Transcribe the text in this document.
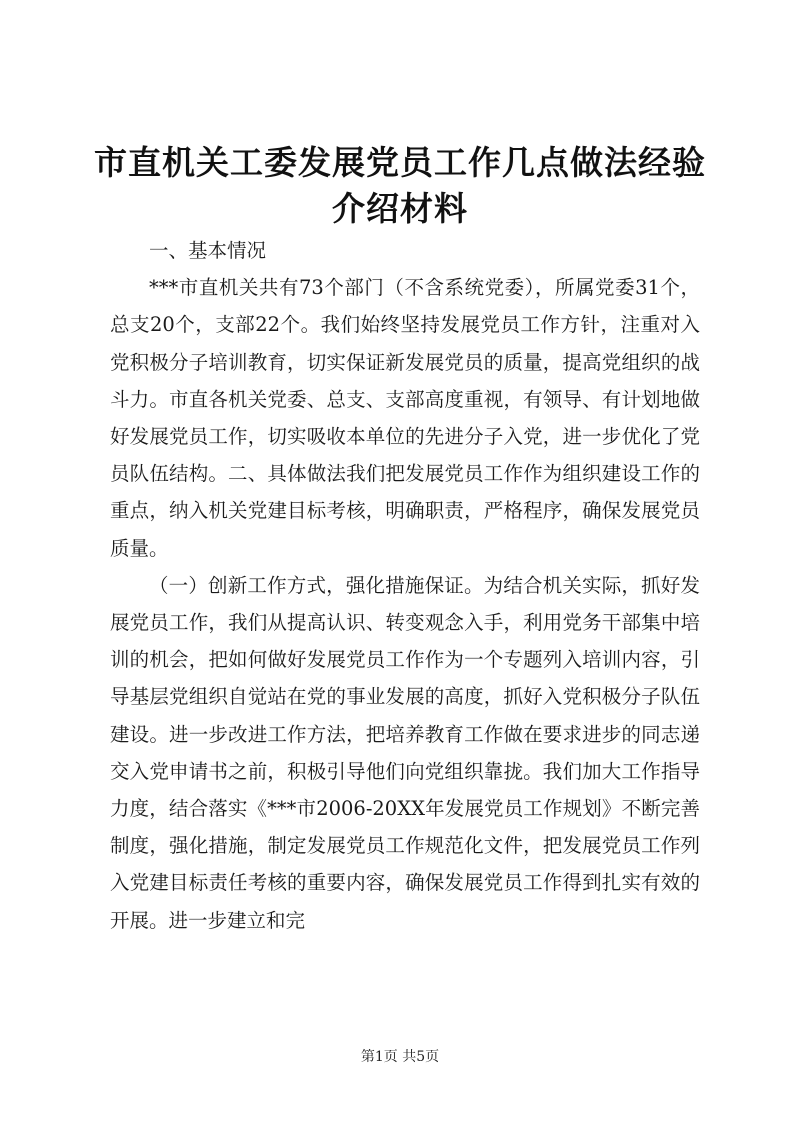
市直机关工委发展党员工作几点做法经验介绍材料

一、基本情况

***市直机关共有73个部门（不含系统党委），所属党委31个，总支20个，支部22个。我们始终坚持发展党员工作方针，注重对入党积极分子培训教育，切实保证新发展党员的质量，提高党组织的战斗力。市直各机关党委、总支、支部高度重视，有领导、有计划地做好发展党员工作，切实吸收本单位的先进分子入党，进一步优化了党员队伍结构。二、具体做法我们把发展党员工作作为组织建设工作的重点，纳入机关党建目标考核，明确职责，严格程序，确保发展党员质量。

（一）创新工作方式，强化措施保证。为结合机关实际，抓好发展党员工作，我们从提高认识、转变观念入手，利用党务干部集中培训的机会，把如何做好发展党员工作作为一个专题列入培训内容，引导基层党组织自觉站在党的事业发展的高度，抓好入党积极分子队伍建设。进一步改进工作方法，把培养教育工作做在要求进步的同志递交入党申请书之前，积极引导他们向党组织靠拢。我们加大工作指导力度，结合落实《***市2006-20XX年发展党员工作规划》不断完善制度，强化措施，制定发展党员工作规范化文件，把发展党员工作列入党建目标责任考核的重要内容，确保发展党员工作得到扎实有效的开展。进一步建立和完

第1页 共5页
